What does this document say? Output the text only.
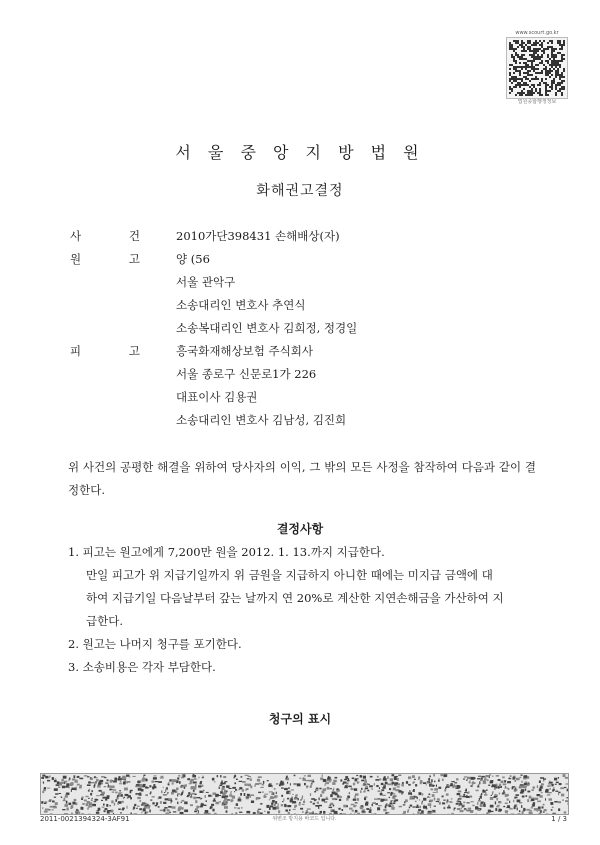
www.scourt.go.kr
법원종합행정정보
서 울 중 앙 지 방 법 원
화해권고결정
사	건	2010가단398431 손해배상(자)
원	고	양 (56
서울 관악구
소송대리인 변호사 추연식
소송복대리인 변호사 김희정, 정경일
피	고	흥국화재해상보험 주식회사
서울 종로구 신문로1가 226
대표이사 김용권
소송대리인 변호사 김남성, 김진희
위 사건의 공평한 해결을 위하여 당사자의 이익, 그 밖의 모든 사정을 참작하여 다음과 같이 결정한다.
결정사항
1. 피고는 원고에게 7,200만 원을 2012. 1. 13.까지 지급한다.
만일 피고가 위 지급기일까지 위 금원을 지급하지 아니한 때에는 미지급 금액에 대
하여 지급기일 다음날부터 갚는 날까지 연 20%로 계산한 지연손해금을 가산하여 지
급한다.
2. 원고는 나머지 청구를 포기한다.
3. 소송비용은 각자 부담한다.
청구의 표시
2011-0021394324-3AF91	위변조 방지용 바코드 입니다.	1 / 3
